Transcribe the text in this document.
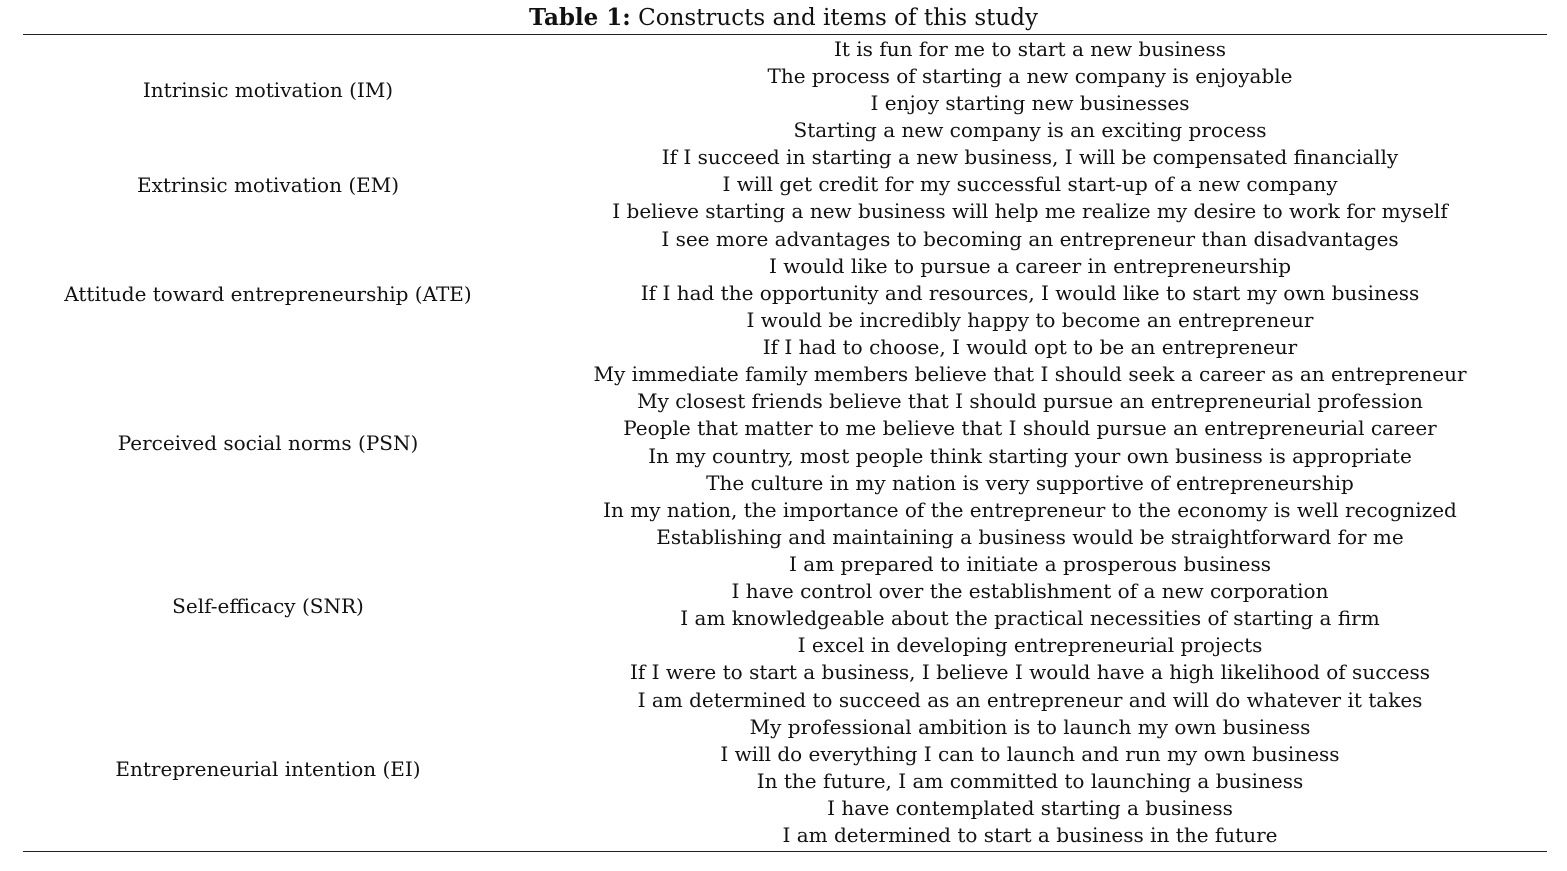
Table 1: Constructs and items of this study
Intrinsic motivation (IM)
Extrinsic motivation (EM)
Attitude toward entrepreneurship (ATE)
Perceived social norms (PSN)
Self-efficacy (SNR)
Entrepreneurial intention (EI)
It is fun for me to start a new business
The process of starting a new company is enjoyable
I enjoy starting new businesses
Starting a new company is an exciting process
If I succeed in starting a new business, I will be compensated financially
I will get credit for my successful start-up of a new company
I believe starting a new business will help me realize my desire to work for myself
I see more advantages to becoming an entrepreneur than disadvantages
I would like to pursue a career in entrepreneurship
If I had the opportunity and resources, I would like to start my own business
I would be incredibly happy to become an entrepreneur
If I had to choose, I would opt to be an entrepreneur
My immediate family members believe that I should seek a career as an entrepreneur
My closest friends believe that I should pursue an entrepreneurial profession
People that matter to me believe that I should pursue an entrepreneurial career
In my country, most people think starting your own business is appropriate
The culture in my nation is very supportive of entrepreneurship
In my nation, the importance of the entrepreneur to the economy is well recognized
Establishing and maintaining a business would be straightforward for me
I am prepared to initiate a prosperous business
I have control over the establishment of a new corporation
I am knowledgeable about the practical necessities of starting a firm
I excel in developing entrepreneurial projects
If I were to start a business, I believe I would have a high likelihood of success
I am determined to succeed as an entrepreneur and will do whatever it takes
My professional ambition is to launch my own business
I will do everything I can to launch and run my own business
In the future, I am committed to launching a business
I have contemplated starting a business
I am determined to start a business in the future
